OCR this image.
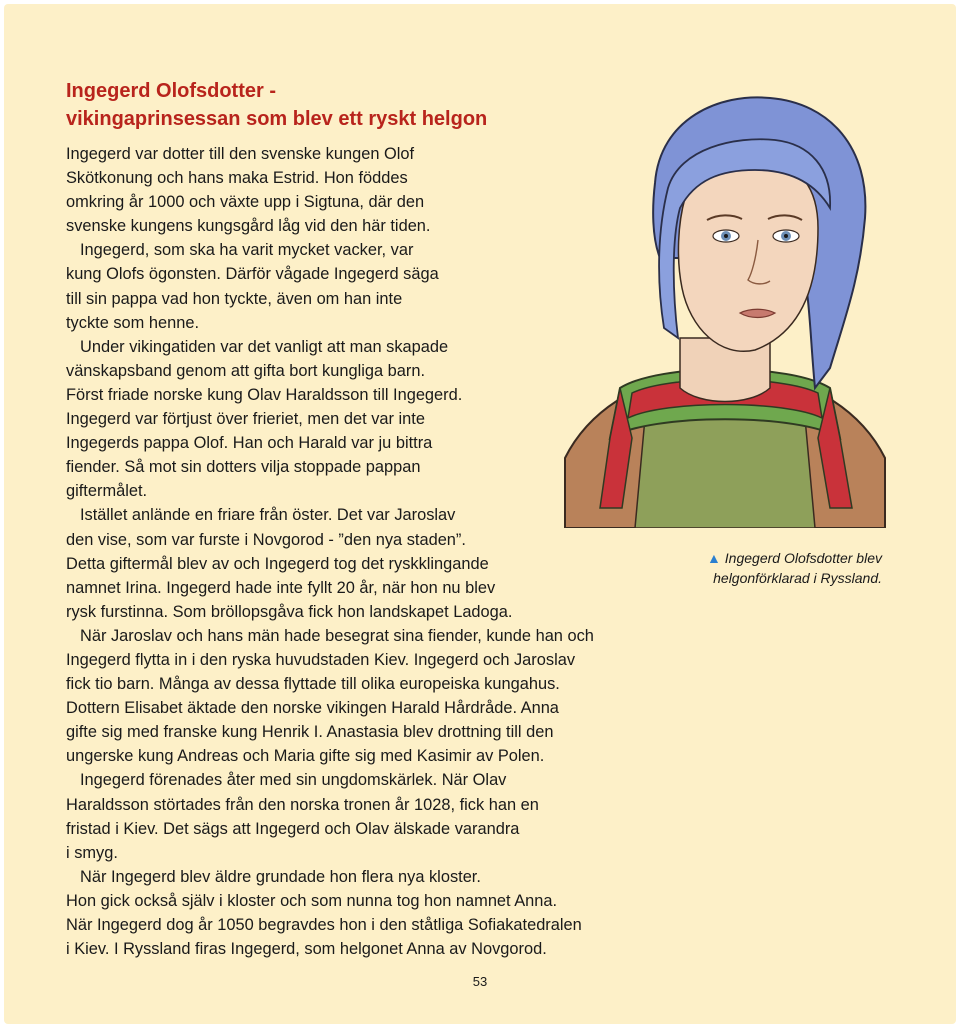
Ingegerd Olofsdotter -
vikingaprinsessan som blev ett ryskt helgon
Ingegerd var dotter till den svenske kungen Olof
Skötkonung och hans maka Estrid. Hon föddes
omkring år 1000 och växte upp i Sigtuna, där den
svenske kungens kungsgård låg vid den här tiden.
Ingegerd, som ska ha varit mycket vacker, var
kung Olofs ögonsten. Därför vågade Ingegerd säga
till sin pappa vad hon tyckte, även om han inte
tyckte som henne.
Under vikingatiden var det vanligt att man skapade
vänskapsband genom att gifta bort kungliga barn.
Först friade norske kung Olav Haraldsson till Ingegerd.
Ingegerd var förtjust över frieriet, men det var inte
Ingegerds pappa Olof. Han och Harald var ju bittra
fiender. Så mot sin dotters vilja stoppade pappan
giftermålet.
Istället anlände en friare från öster. Det var Jaroslav
den vise, som var furste i Novgorod - ”den nya staden”.
Detta giftermål blev av och Ingegerd tog det ryskklingande
namnet Irina. Ingegerd hade inte fyllt 20 år, när hon nu blev
rysk furstinna. Som bröllopsgåva fick hon landskapet Ladoga.
När Jaroslav och hans män hade besegrat sina fiender, kunde han och
Ingegerd flytta in i den ryska huvudstaden Kiev. Ingegerd och Jaroslav
fick tio barn. Många av dessa flyttade till olika europeiska kungahus.
Dottern Elisabet äktade den norske vikingen Harald Hårdråde. Anna
gifte sig med franske kung Henrik I. Anastasia blev drottning till den
ungerske kung Andreas och Maria gifte sig med Kasimir av Polen.
Ingegerd förenades åter med sin ungdomskärlek. När Olav
Haraldsson störtades från den norska tronen år 1028, fick han en
fristad i Kiev. Det sägs att Ingegerd och Olav älskade varandra
i smyg.
När Ingegerd blev äldre grundade hon flera nya kloster.
Hon gick också själv i kloster och som nunna tog hon namnet Anna.
När Ingegerd dog år 1050 begravdes hon i den ståtliga Sofiakatedralen
i Kiev. I Ryssland firas Ingegerd, som helgonet Anna av Novgorod.
▲ Ingegerd Olofsdotter blev
helgonförklarad i Ryssland.
53
